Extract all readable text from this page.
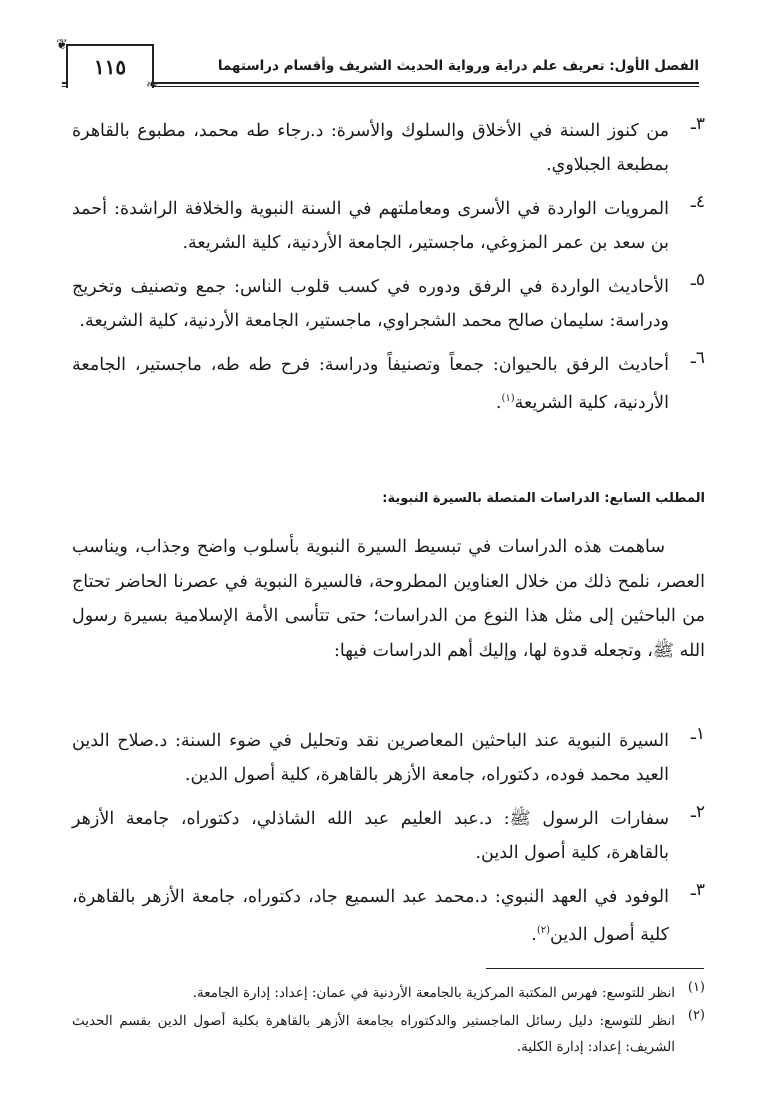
الفصل الأول: تعريف علم دراية ورواية الحديث الشريف وأقسام دراستهما
١١٥
❦
❧
٣ـ
من كنوز السنة في الأخلاق والسلوك والأسرة: د.رجاء طه محمد، مطبوع بالقاهرة بمطبعة الجبلاوي.
٤ـ
المرويات الواردة في الأسرى ومعاملتهم في السنة النبوية والخلافة الراشدة: أحمد بن سعد بن عمر المزوغي، ماجستير، الجامعة الأردنية، كلية الشريعة.
٥ـ
الأحاديث الواردة في الرفق ودوره في كسب قلوب الناس: جمع وتصنيف وتخريج ودراسة: سليمان صالح محمد الشجراوي، ماجستير، الجامعة الأردنية، كلية الشريعة.
٦ـ
أحاديث الرفق بالحيوان: جمعاً وتصنيفاً ودراسة: فرح طه طه، ماجستير، الجامعة الأردنية، كلية الشريعة$^{(١)}$.
المطلب السابع: الدراسات المتصلة بالسيرة النبوية:

ساهمت هذه الدراسات في تبسيط السيرة النبوية بأسلوب واضح وجذاب، ويناسب العصر، نلمح ذلك من خلال العناوين المطروحة، فالسيرة النبوية في عصرنا الحاضر تحتاج من الباحثين إلى مثل هذا النوع من الدراسات؛ حتى تتأسى الأمة الإسلامية بسيرة رسول الله ﷺ، وتجعله قدوة لها، وإليك أهم الدراسات فيها:

١ـ
السيرة النبوية عند الباحثين المعاصرين نقد وتحليل في ضوء السنة: د.صلاح الدين العيد محمد فوده، دكتوراه، جامعة الأزهر بالقاهرة، كلية أصول الدين.
٢ـ
سفارات الرسول ﷺ: د.عبد العليم عبد الله الشاذلي، دكتوراه، جامعة الأزهر بالقاهرة، كلية أصول الدين.
٣ـ
الوفود في العهد النبوي: د.محمد عبد السميع جاد، دكتوراه، جامعة الأزهر بالقاهرة، كلية أصول الدين$^{(٢)}$.
(١)
انظر للتوسع: فهرس المكتبة المركزية بالجامعة الأردنية في عمان: إعداد: إدارة الجامعة.
(٢)
انظر للتوسع: دليل رسائل الماجستير والدكتوراه بجامعة الأزهر بالقاهرة بكلية أصول الدين بقسم الحديث الشريف: إعداد: إدارة الكلية.
